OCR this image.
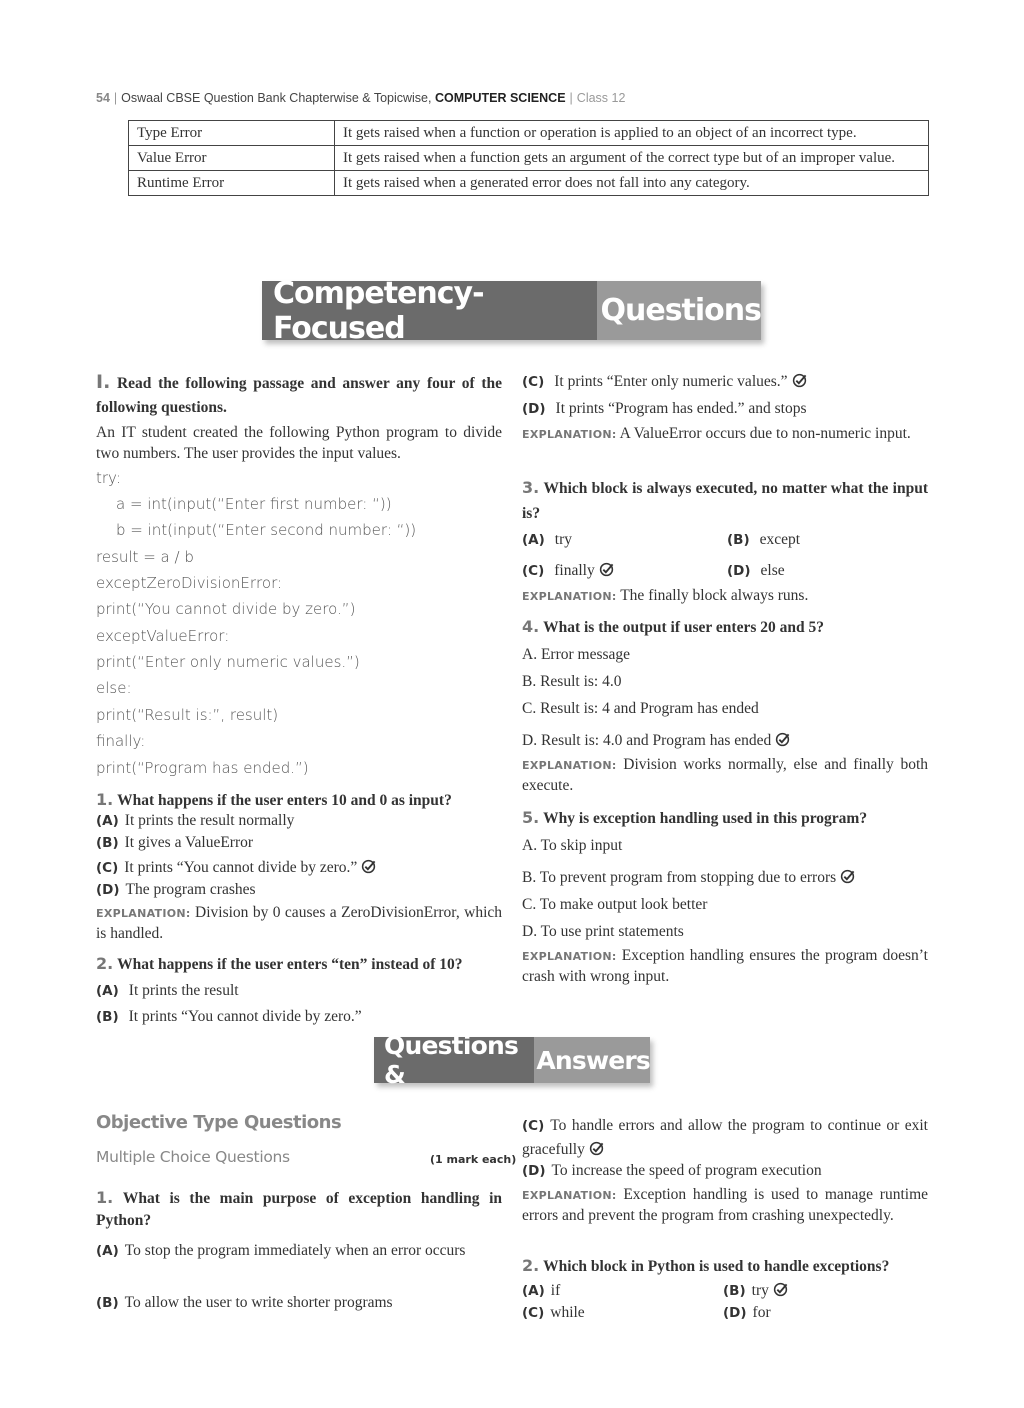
54 | Oswaal CBSE Question Bank Chapterwise & Topicwise, COMPUTER SCIENCE | Class 12
Type Error	It gets raised when a function or operation is applied to an object of an incorrect type.
Value Error	It gets raised when a function gets an argument of the correct type but of an improper value.
Runtime Error	It gets raised when a generated error does not fall into any category.
Competency-Focused	Questions
I. Read the following passage and answer any four of the following questions.
An IT student created the following Python program to divide two numbers. The user provides the input values.
try:
a = int(input(“Enter first number: “))
b = int(input(“Enter second number: “))
result = a / b
exceptZeroDivisionError:
print(“You cannot divide by zero.”)
exceptValueError:
print(“Enter only numeric values.”)
else:
print(“Result is:”, result)
finally:
print(“Program has ended.”)
1. What happens if the user enters 10 and 0 as input?
(A) It prints the result normally
(B) It gives a ValueError
(C) It prints “You cannot divide by zero.”
(D) The program crashes
EXPLANATION: Division by 0 causes a ZeroDivisionError, which is handled.
2. What happens if the user enters “ten” instead of 10?
(A) It prints the result
(B) It prints “You cannot divide by zero.”
(C) It prints “Enter only numeric values.”
(D) It prints “Program has ended.” and stops
EXPLANATION: A ValueError occurs due to non-numeric input.
3. Which block is always executed, no matter what the input is?
(A) try	(B) except
(C) finally	(D) else
EXPLANATION: The finally block always runs.
4. What is the output if user enters 20 and 5?
A. Error message
B. Result is: 4.0
C. Result is: 4 and Program has ended
D. Result is: 4.0 and Program has ended
EXPLANATION: Division works normally, else and finally both execute.
5. Why is exception handling used in this program?
A. To skip input
B. To prevent program from stopping due to errors
C. To make output look better
D. To use print statements
EXPLANATION: Exception handling ensures the program doesn’t crash with wrong input.
Questions &	Answers
Objective Type Questions
Multiple Choice Questions	(1 mark each)
1. What is the main purpose of exception handling in Python?
(A) To stop the program immediately when an error occurs
(B) To allow the user to write shorter programs
(C) To handle errors and allow the program to continue or exit gracefully
(D) To increase the speed of program execution
EXPLANATION: Exception handling is used to manage runtime errors and prevent the program from crashing unexpectedly.
2. Which block in Python is used to handle exceptions?
(A) if	(B) try
(C) while	(D) for
